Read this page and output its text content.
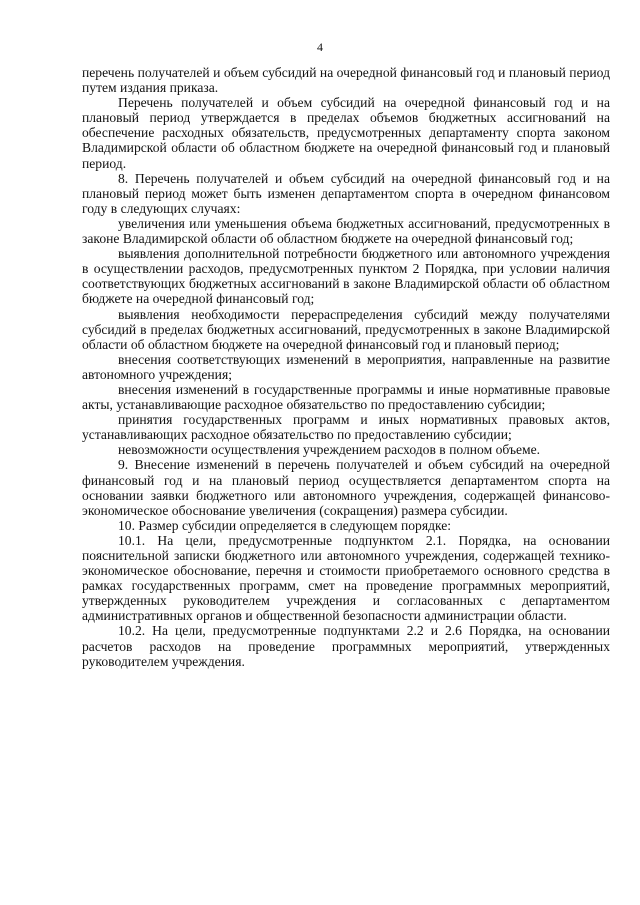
4

перечень получателей и объем субсидий на очередной финансовый год и плановый период путем издания приказа.

Перечень получателей и объем субсидий на очередной финансовый год и на плановый период утверждается в пределах объемов бюджетных ассигнований на обеспечение расходных обязательств, предусмотренных департаменту спорта законом Владимирской области об областном бюджете на очередной финансовый год и плановый период.

8. Перечень получателей и объем субсидий на очередной финансовый год и на плановый период может быть изменен департаментом спорта в очередном финансовом году в следующих случаях:

увеличения или уменьшения объема бюджетных ассигнований, предусмотренных в законе Владимирской области об областном бюджете на очередной финансовый год;

выявления дополнительной потребности бюджетного или автономного учреждения в осуществлении расходов, предусмотренных пунктом 2 Порядка, при условии наличия соответствующих бюджетных ассигнований в законе Владимирской области об областном бюджете на очередной финансовый год;

выявления необходимости перераспределения субсидий между получателями субсидий в пределах бюджетных ассигнований, предусмотренных в законе Владимирской области об областном бюджете на очередной финансовый год и плановый период;

внесения соответствующих изменений в мероприятия, направленные на развитие автономного учреждения;

внесения изменений в государственные программы и иные нормативные правовые акты, устанавливающие расходное обязательство по предоставлению субсидии;

принятия государственных программ и иных нормативных правовых актов, устанавливающих расходное обязательство по предоставлению субсидии;

невозможности осуществления учреждением расходов в полном объеме.

9. Внесение изменений в перечень получателей и объем субсидий на очередной финансовый год и на плановый период осуществляется департаментом спорта на основании заявки бюджетного или автономного учреждения, содержащей финансово-экономическое обоснование увеличения (сокращения) размера субсидии.

10. Размер субсидии определяется в следующем порядке:

10.1. На цели, предусмотренные подпунктом 2.1. Порядка, на основании пояснительной записки бюджетного или автономного учреждения, содержащей технико-экономическое обоснование, перечня и стоимости приобретаемого основного средства в рамках государственных программ, смет на проведение программных мероприятий, утвержденных руководителем учреждения и согласованных с департаментом административных органов и общественной безопасности администрации области.

10.2. На цели, предусмотренные подпунктами 2.2 и 2.6 Порядка, на основании расчетов расходов на проведение программных мероприятий, утвержденных руководителем учреждения.
